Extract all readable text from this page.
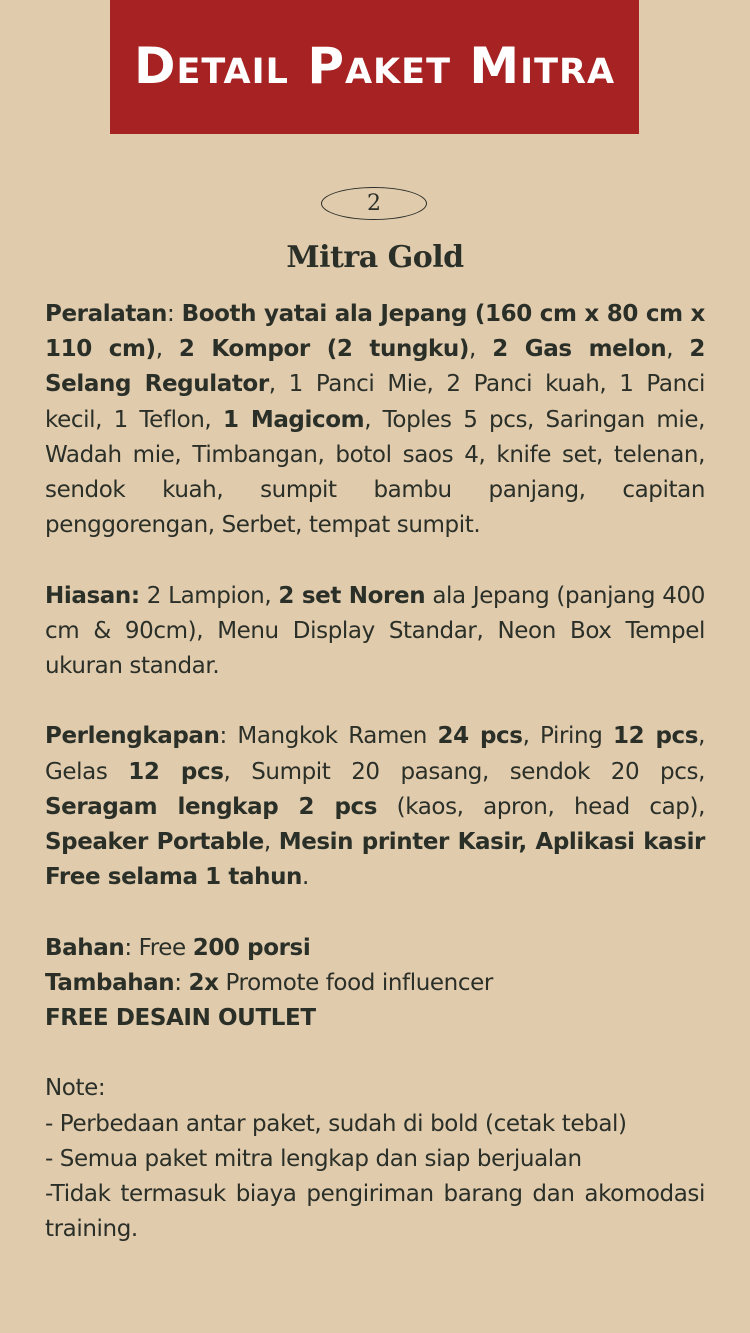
Detail Paket Mitra
2
Mitra Gold

Peralatan: Booth yatai ala Jepang (160 cm x 80 cm x 110 cm), 2 Kompor (2 tungku), 2 Gas melon, 2 Selang Regulator, 1 Panci Mie, 2 Panci kuah, 1 Panci kecil, 1 Teflon, 1 Magicom, Toples 5 pcs, Saringan mie, Wadah mie, Timbangan, botol saos 4, knife set, telenan, sendok kuah, sumpit bambu panjang, capitan penggorengan, Serbet, tempat sumpit.

Hiasan: 2 Lampion, 2 set Noren ala Jepang (panjang 400 cm & 90cm), Menu Display Standar, Neon Box Tempel ukuran standar.

Perlengkapan: Mangkok Ramen 24 pcs, Piring 12 pcs, Gelas 12 pcs, Sumpit 20 pasang, sendok 20 pcs, Seragam lengkap 2 pcs (kaos, apron, head cap), Speaker Portable, Mesin printer Kasir, Aplikasi kasir Free selama 1 tahun.

Bahan: Free 200 porsi

Tambahan: 2x Promote food influencer

FREE DESAIN OUTLET

Note:

- Perbedaan antar paket, sudah di bold (cetak tebal)

- Semua paket mitra lengkap dan siap berjualan

-Tidak termasuk biaya pengiriman barang dan akomodasi training.
